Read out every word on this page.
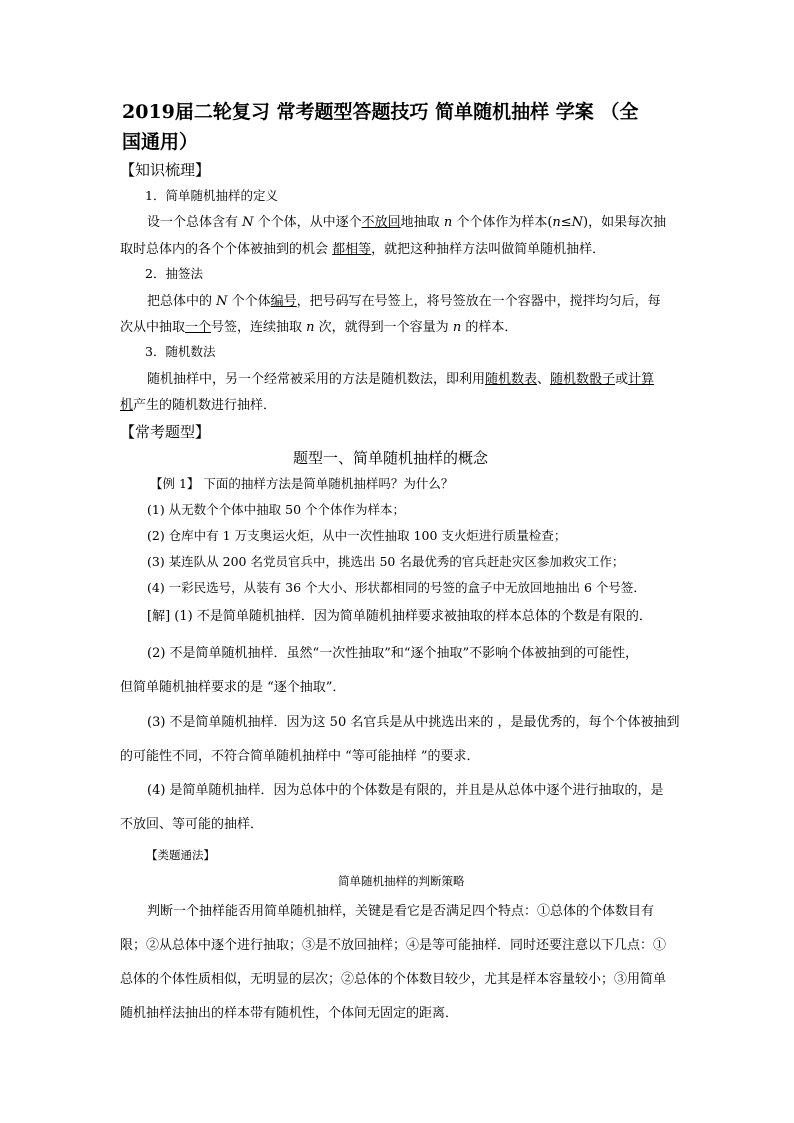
2019届二轮复习 常考题型答题技巧 简单随机抽样 学案 （全
国通用）
【知识梳理】
1．简单随机抽样的定义
设一个总体含有 N 个个体，从中逐个不放回地抽取 n 个个体作为样本(n≤N)，如果每次抽
取时总体内的各个个体被抽到的机会 都相等，就把这种抽样方法叫做简单随机抽样．
2．抽签法
把总体中的 N 个个体编号，把号码写在号签上，将号签放在一个容器中，搅拌均匀后，每
次从中抽取一个号签，连续抽取 n 次，就得到一个容量为 n 的样本．
3．随机数法
随机抽样中，另一个经常被采用的方法是随机数法，即利用随机数表、随机数骰子或计算
机产生的随机数进行抽样．
【常考题型】
题型一、简单随机抽样的概念
【例 1】 下面的抽样方法是简单随机抽样吗？为什么？
(1) 从无数个个体中抽取 50 个个体作为样本；
(2) 仓库中有 1 万支奥运火炬，从中一次性抽取 100 支火炬进行质量检查；
(3) 某连队从 200 名党员官兵中，挑选出 50 名最优秀的官兵赶赴灾区参加救灾工作；
(4) 一彩民选号，从装有 36 个大小、形状都相同的号签的盒子中无放回地抽出 6 个号签．
[解] (1) 不是简单随机抽样．因为简单随机抽样要求被抽取的样本总体的个数是有限的．
(2) 不是简单随机抽样．虽然“一次性抽取”和“逐个抽取”不影响个体被抽到的可能性，
但简单随机抽样要求的是 “逐个抽取”．
(3) 不是简单随机抽样．因为这 50 名官兵是从中挑选出来的 ，是最优秀的，每个个体被抽到
的可能性不同，不符合简单随机抽样中 “等可能抽样 ”的要求．
(4) 是简单随机抽样．因为总体中的个体数是有限的，并且是从总体中逐个进行抽取的，是
不放回、等可能的抽样．
【类题通法】
简单随机抽样的判断策略
判断一个抽样能否用简单随机抽样，关键是看它是否满足四个特点：①总体的个体数目有
限；②从总体中逐个进行抽取；③是不放回抽样；④是等可能抽样．同时还要注意以下几点：①
总体的个体性质相似，无明显的层次；②总体的个体数目较少，尤其是样本容量较小；③用简单
随机抽样法抽出的样本带有随机性，个体间无固定的距离．
